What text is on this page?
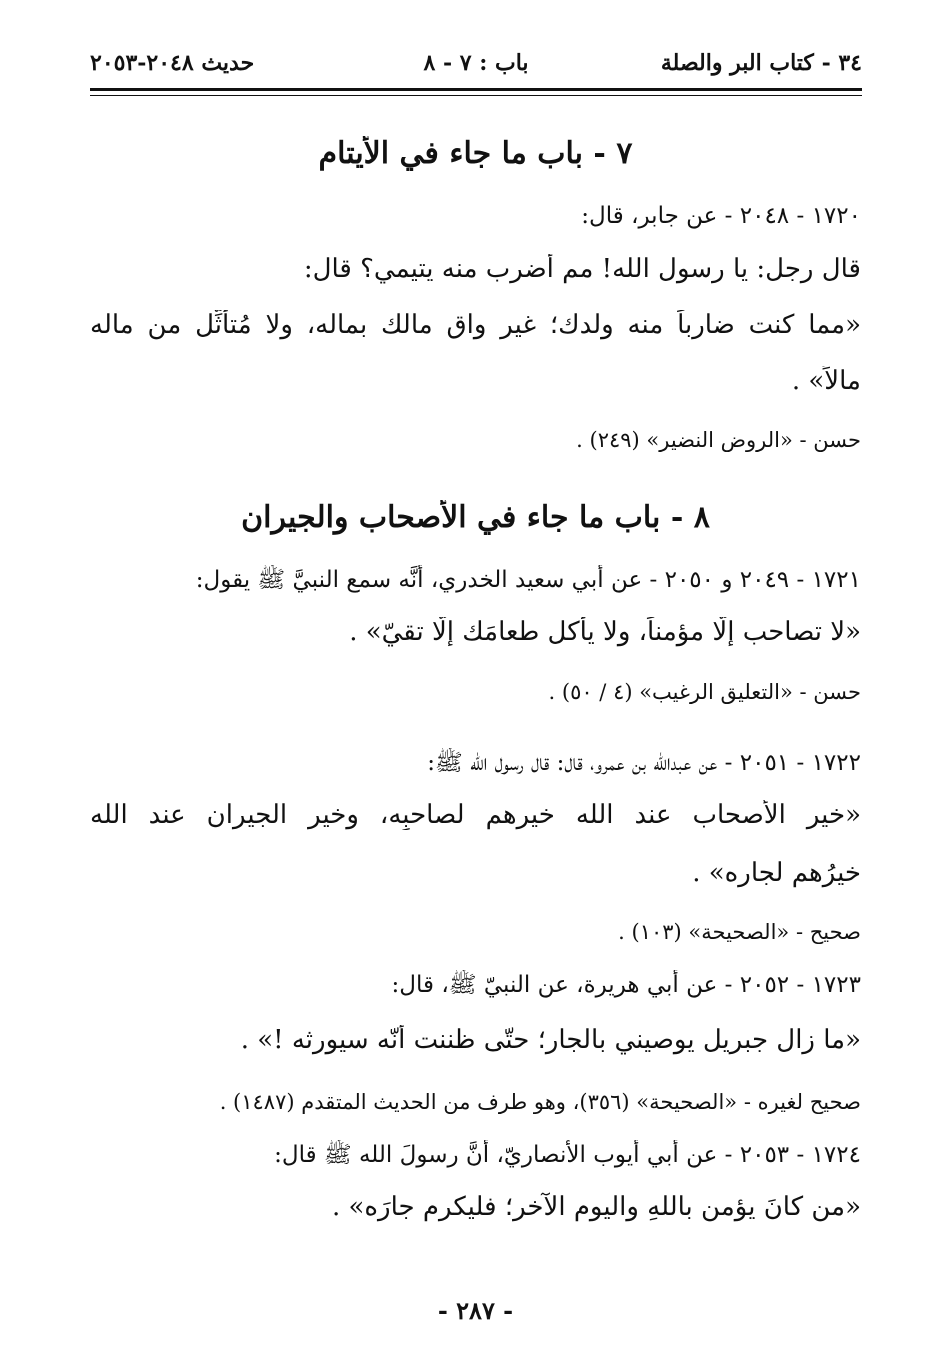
٣٤ - كتاب البر والصلة
باب : ٧ - ٨
حديث ٢٠٤٨-٢٠٥٣
٧ - باب ما جاء في الأَيتام
١٧٢٠ - ٢٠٤٨ - عن جابر، قال:
قال رجل: يا رسول الله! مم أَضرب منه يتيمي؟ قال:
«مما كنت ضارباً منه ولدك؛ غير واقٍ مالك بماله، ولا مُتأَثِّل من ماله
مالاً» .
حسن - «الروض النضير» (٢٤٩) .
٨ - باب ما جاء في الأصحاب والجيران
١٧٢١ - ٢٠٤٩ و ٢٠٥٠ - عن أَبي سعيد الخدري، أنَّه سمع النبيَّ ﷺ يقول:
«لا تصاحب إلّا مؤمناً، ولا يأكل طعامَك إلّا تقيّ» .
حسن - «التعليق الرغيب» (٤ / ٥٠) .
١٧٢٢ - ٢٠٥١ - عن عبدالله بن عمرو، قال: قال رسول الله ﷺ:
«خير الأَصحاب عند الله خيرهم لصاحبِه، وخير الجيران عند الله
خيرُهم لجارِه» .
صحيح - «الصحيحة» (١٠٣) .
١٧٢٣ - ٢٠٥٢ - عن أَبي هريرة، عن النبيّ ﷺ، قال:
«ما زال جبريل يوصيني بالجار؛ حتّى ظننت أنّه سيورثه !» .
صحيح لغيره - «الصحيحة» (٣٥٦)، وهو طرف من الحديث المتقدم (١٤٨٧) .
١٧٢٤ - ٢٠٥٣ - عن أَبي أَيوب الأَنصاريّ، أنَّ رسولَ الله ﷺ قال:
«من كانَ يؤمن باللهِ واليوم الآخر؛ فليكرم جارَه» .
- ٢٨٧ -
